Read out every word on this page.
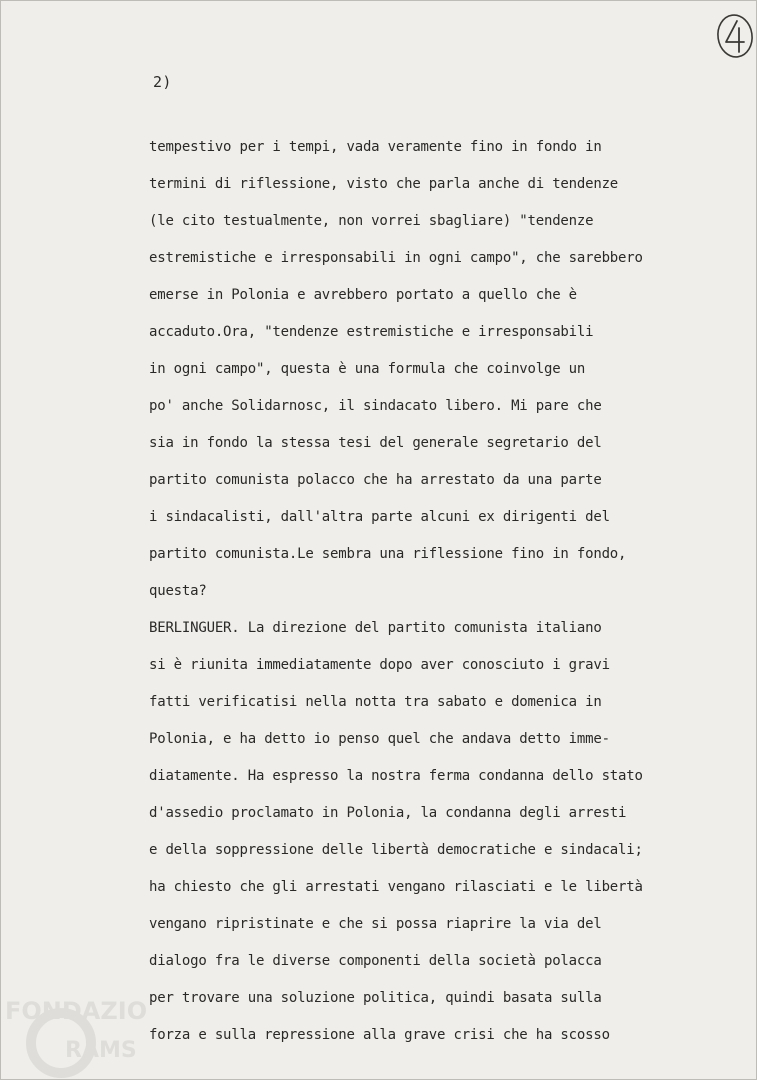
2)
tempestivo per i tempi, vada veramente fino in fondo in
termini di riflessione, visto che parla anche di tendenze
(le cito testualmente, non vorrei sbagliare) "tendenze
estremistiche e irresponsabili in ogni campo", che sarebbero
emerse in Polonia e avrebbero portato a quello che è
accaduto.Ora, "tendenze estremistiche e irresponsabili
in ogni campo", questa è una formula che coinvolge un
po' anche Solidarnosc, il sindacato libero. Mi pare che
sia in fondo la stessa tesi del generale segretario del
partito comunista polacco che ha arrestato da una parte
i sindacalisti, dall'altra parte alcuni ex dirigenti del
partito comunista.Le sembra una riflessione fino in fondo,
questa?
BERLINGUER. La direzione del partito comunista italiano
si è riunita immediatamente dopo aver conosciuto i gravi
fatti verificatisi nella notta tra sabato e domenica in
Polonia, e ha detto io penso quel che andava detto imme-
diatamente. Ha espresso la nostra ferma condanna dello stato
d'assedio proclamato in Polonia, la condanna degli arresti
e della soppressione delle libertà democratiche e sindacali;
ha chiesto che gli arrestati vengano rilasciati e le libertà
vengano ripristinate e che si possa riaprire la via del
dialogo fra le diverse componenti della società polacca
per trovare una soluzione politica, quindi basata sulla
forza e sulla repressione alla grave crisi che ha scosso
FONDAZIO
RAMS
